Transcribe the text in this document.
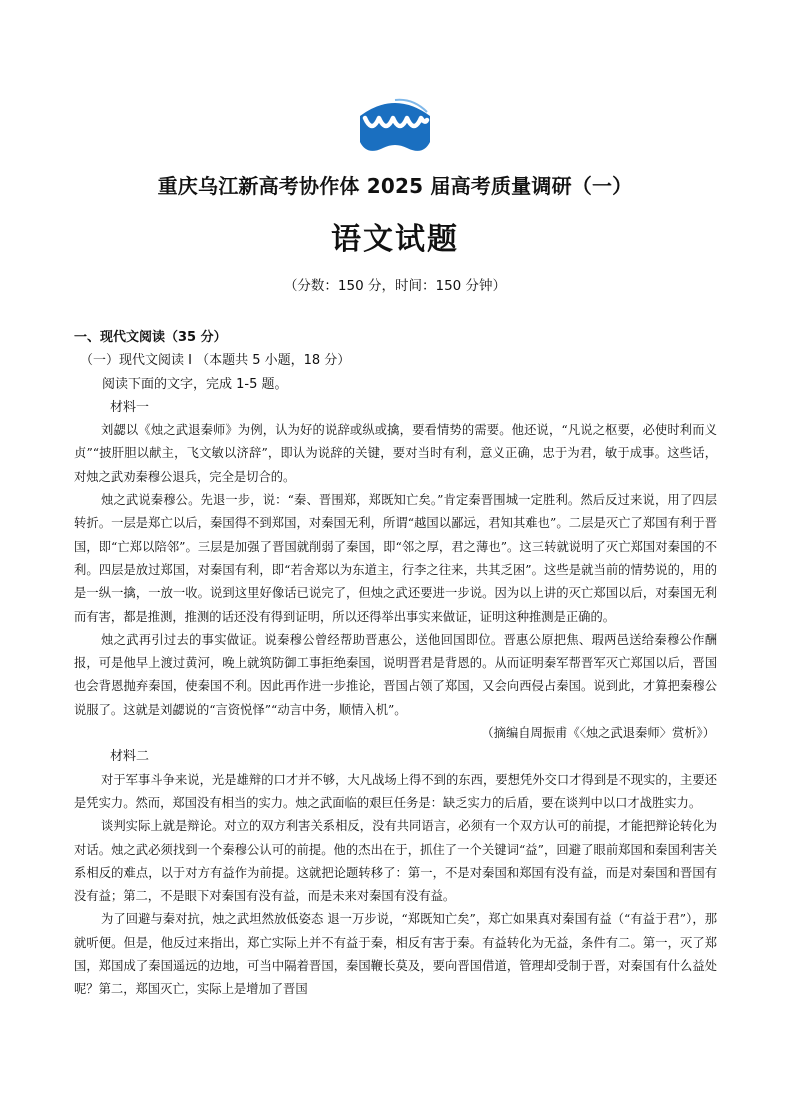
重庆乌江新高考协作体 2025 届高考质量调研（一）
语文试题
（分数：150 分，时间：150 分钟）
一、现代文阅读（35 分）
（一）现代文阅读 Ⅰ （本题共 5 小题，18 分）
阅读下面的文字，完成 1-5 题。
材料一

刘勰以《烛之武退秦师》为例，认为好的说辞或纵或擒，要看情势的需要。他还说，“凡说之枢要，必使时利而义贞”“披肝胆以献主，飞文敏以济辞”，即认为说辞的关键，要对当时有利，意义正确，忠于为君，敏于成事。这些话，对烛之武劝秦穆公退兵，完全是切合的。

烛之武说秦穆公。先退一步，说：“秦、晋围郑，郑既知亡矣。”肯定秦晋围城一定胜利。然后反过来说，用了四层转折。一层是郑亡以后，秦国得不到郑国，对秦国无利，所谓“越国以鄙远，君知其难也”。二层是灭亡了郑国有利于晋国，即“亡郑以陪邻”。三层是加强了晋国就削弱了秦国，即“邻之厚，君之薄也”。这三转就说明了灭亡郑国对秦国的不利。四层是放过郑国，对秦国有利，即“若舍郑以为东道主，行李之往来，共其乏困”。这些是就当前的情势说的，用的是一纵一擒，一放一收。说到这里好像话已说完了，但烛之武还要进一步说。因为以上讲的灭亡郑国以后，对秦国无利而有害，都是推测，推测的话还没有得到证明，所以还得举出事实来做证，证明这种推测是正确的。

烛之武再引过去的事实做证。说秦穆公曾经帮助晋惠公，送他回国即位。晋惠公原把焦、瑕两邑送给秦穆公作酬报，可是他早上渡过黄河，晚上就筑防御工事拒绝秦国，说明晋君是背恩的。从而证明秦军帮晋军灭亡郑国以后，晋国也会背恩抛弃秦国，使秦国不利。因此再作进一步推论，晋国占领了郑国，又会向西侵占秦国。说到此，才算把秦穆公说服了。这就是刘勰说的“言资悦怿”“动言中务，顺情入机”。

（摘编自周振甫《〈烛之武退秦师〉赏析》）
材料二

对于军事斗争来说，光是雄辩的口才并不够，大凡战场上得不到的东西，要想凭外交口才得到是不现实的，主要还是凭实力。然而，郑国没有相当的实力。烛之武面临的艰巨任务是：缺乏实力的后盾，要在谈判中以口才战胜实力。

谈判实际上就是辩论。对立的双方利害关系相反，没有共同语言，必须有一个双方认可的前提，才能把辩论转化为对话。烛之武必须找到一个秦穆公认可的前提。他的杰出在于，抓住了一个关键词“益”，回避了眼前郑国和秦国利害关系相反的难点，以于对方有益作为前提。这就把论题转移了：第一，不是对秦国和郑国有没有益，而是对秦国和晋国有没有益；第二，不是眼下对秦国有没有益，而是未来对秦国有没有益。

为了回避与秦对抗，烛之武坦然放低姿态 退一万步说，“郑既知亡矣”，郑亡如果真对秦国有益（“有益于君”），那就听便。但是，他反过来指出，郑亡实际上并不有益于秦，相反有害于秦。有益转化为无益，条件有二。第一，灭了郑国，郑国成了秦国遥远的边地，可当中隔着晋国，秦国鞭长莫及，要向晋国借道，管理却受制于晋，对秦国有什么益处呢？第二，郑国灭亡，实际上是增加了晋国
